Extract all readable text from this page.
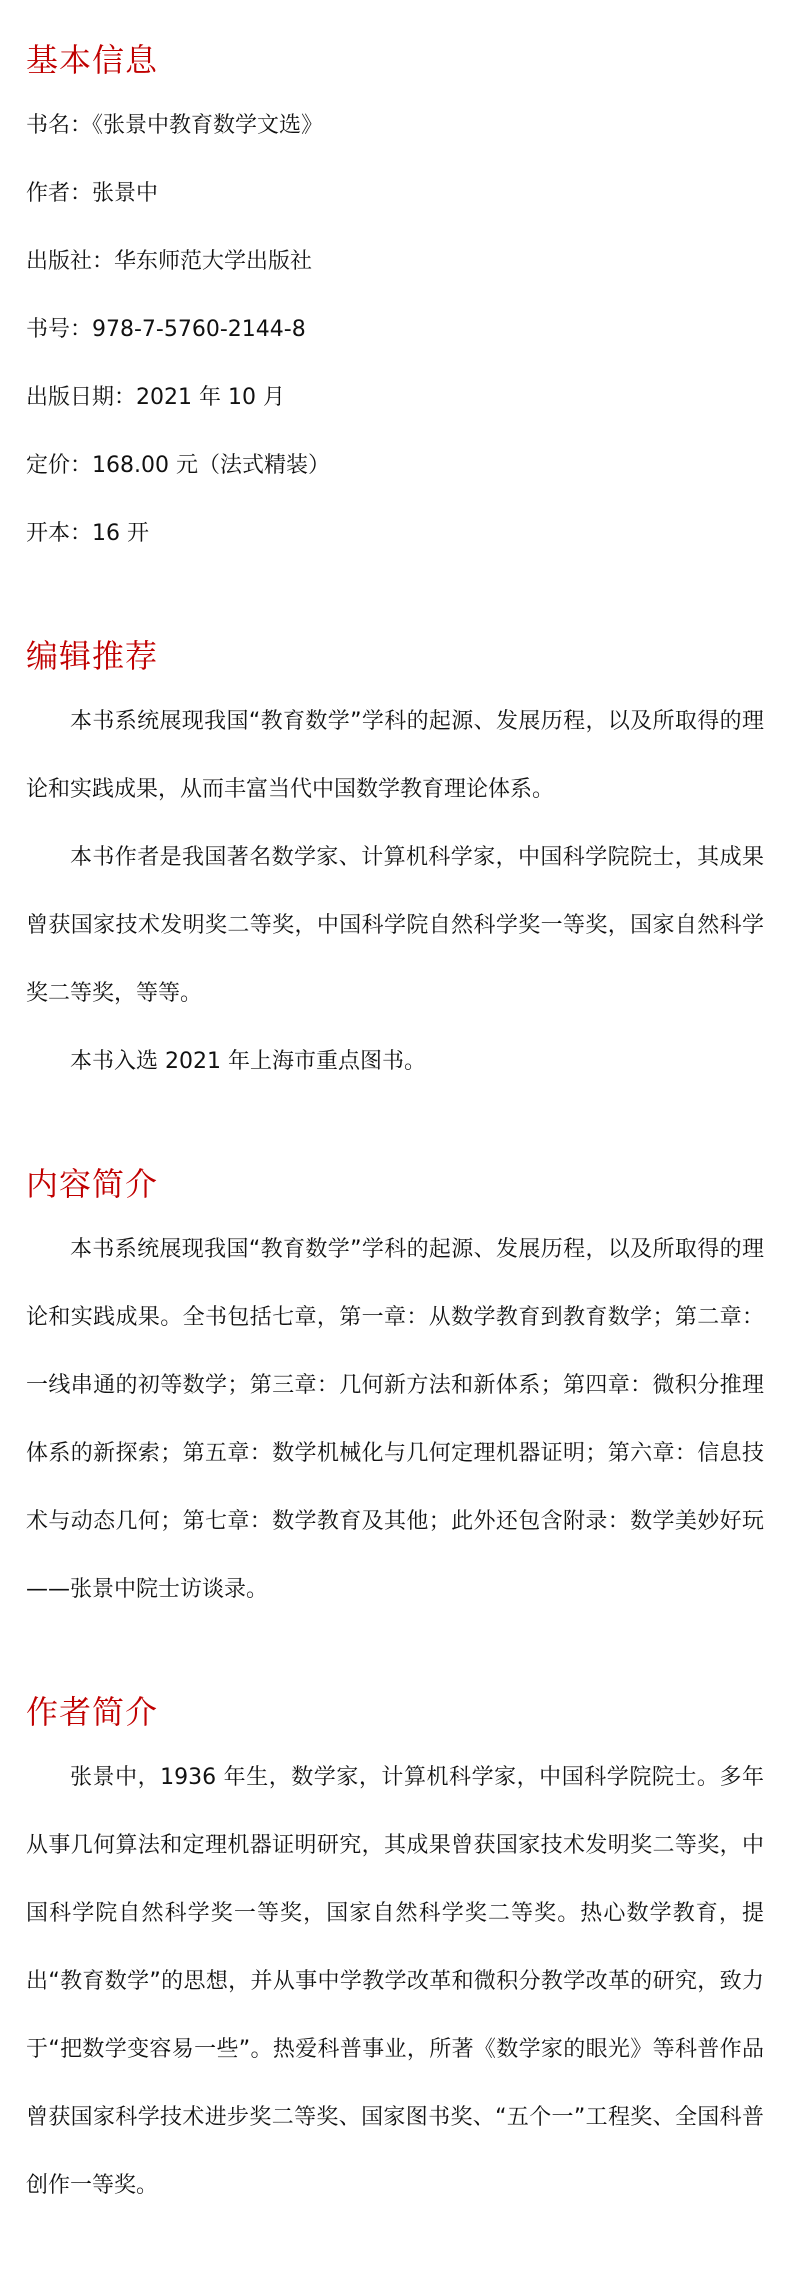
基本信息

书名：《张景中教育数学文选》

作者：张景中

出版社：华东师范大学出版社

书号：978-7-5760-2144-8

出版日期：2021 年 10 月

定价：168.00 元（法式精装）

开本：16 开

编辑推荐

本书系统展现我国“教育数学”学科的起源、发展历程，以及所取得的理论和实践成果，从而丰富当代中国数学教育理论体系。

本书作者是我国著名数学家、计算机科学家，中国科学院院士，其成果曾获国家技术发明奖二等奖，中国科学院自然科学奖一等奖，国家自然科学奖二等奖，等等。

本书入选 2021 年上海市重点图书。

内容简介

本书系统展现我国“教育数学”学科的起源、发展历程，以及所取得的理论和实践成果。全书包括七章，第一章：从数学教育到教育数学；第二章：一线串通的初等数学；第三章：几何新方法和新体系；第四章：微积分推理体系的新探索；第五章：数学机械化与几何定理机器证明；第六章：信息技术与动态几何；第七章：数学教育及其他；此外还包含附录：数学美妙好玩——张景中院士访谈录。

作者简介

张景中，1936 年生，数学家，计算机科学家，中国科学院院士。多年从事几何算法和定理机器证明研究，其成果曾获国家技术发明奖二等奖，中国科学院自然科学奖一等奖，国家自然科学奖二等奖。热心数学教育，提出“教育数学”的思想，并从事中学教学改革和微积分教学改革的研究，致力于“把数学变容易一些”。热爱科普事业，所著《数学家的眼光》等科普作品曾获国家科学技术进步奖二等奖、国家图书奖、“五个一”工程奖、全国科普创作一等奖。
